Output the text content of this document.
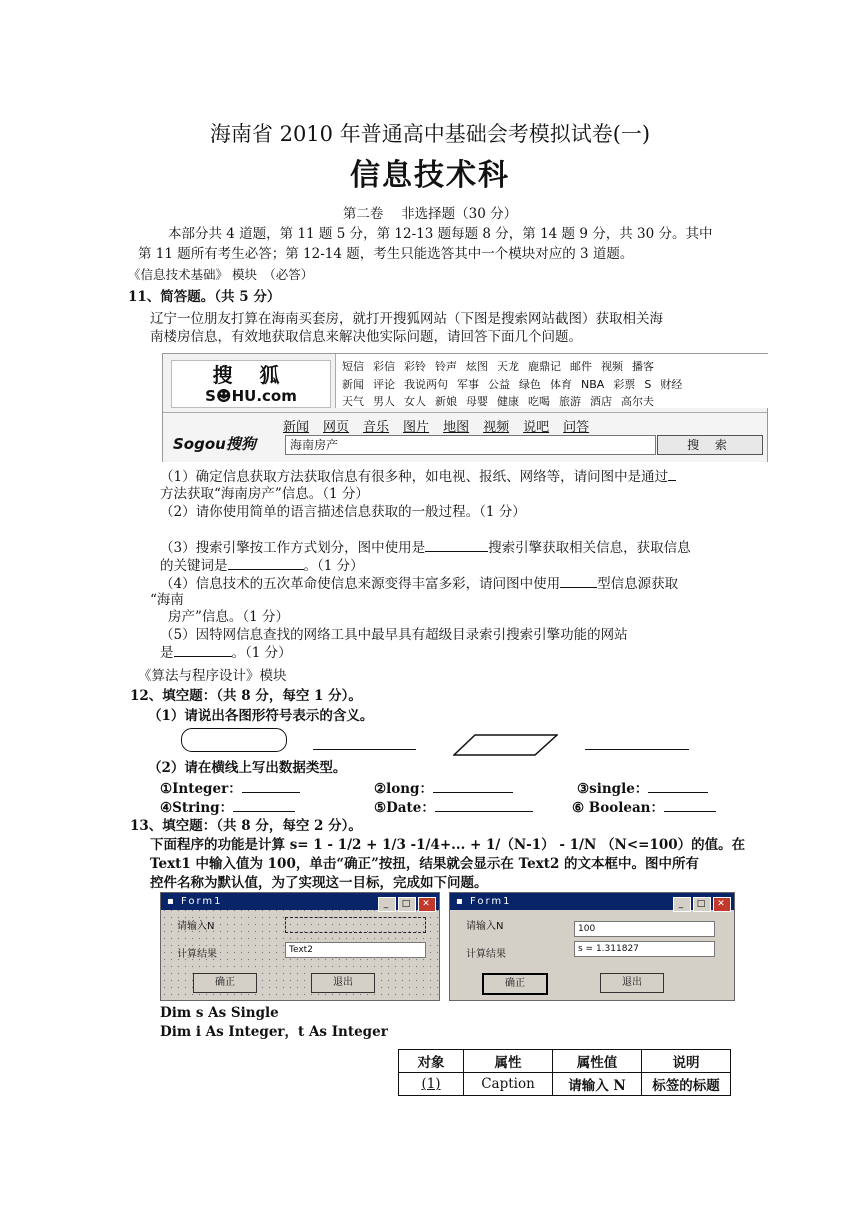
海南省 2010 年普通高中基础会考模拟试卷(一)
信息技术科
第二卷　 非选择题（30 分）
本部分共 4 道题，第 11 题 5 分，第 12-13 题每题 8 分，第 14 题 9 分，共 30 分。其中
第 11 题所有考生必答；第 12-14 题，考生只能选答其中一个模块对应的 3 道题。
《信息技术基础》 模块　（必答）
11、简答题。（共 5 分）
辽宁一位朋友打算在海南买套房，就打开搜狐网站（下图是搜索网站截图）获取相关海
南楼房信息，有效地获取信息来解决他实际问题，请回答下面几个问题。
搜 狐
S☻HU.com
短信 彩信 彩铃 铃声 炫图 天龙 鹿鼎记 邮件 视频 播客
新闻 评论 我说两句 军事 公益 绿色 体育 NBA 彩票 S 财经
天气 男人 女人 新娘 母婴 健康 吃喝 旅游 酒店 高尔夫
新闻 网页 音乐 图片 地图 视频 说吧 问答
Sogou搜狗	海南房产	搜 索
（1）确定信息获取方法获取信息有很多种，如电视、报纸、网络等，请问图中是通过
方法获取“海南房产”信息。（1 分）
（2）请你使用简单的语言描述信息获取的一般过程。（1 分）
（3）搜索引擎按工作方式划分，图中使用是	搜索引擎获取相关信息，获取信息
的关键词是	。（1 分）
（4）信息技术的五次革命使信息来源变得丰富多彩，请问图中使用	型信息源获取
“海南
房产”信息。（1 分）
（5）因特网信息查找的网络工具中最早具有超级目录索引搜索引擎功能的网站
是	。（1 分）
《算法与程序设计》模块
12、填空题：（共 8 分，每空 1 分）。
（1）请说出各图形符号表示的含义。
（2）请在横线上写出数据类型。
①Integer：	②long：	③single：
④String：	⑤Date：	⑥ Boolean：
13、填空题：（共 8 分，每空 2 分）。
下面程序的功能是计算 s= 1 - 1/2 + 1/3 -1/4+... + 1/（N-1） - 1/N （N<=100）的值。在
Text1 中输入值为 100，单击“确正”按扭，结果就会显示在 Text2 的文本框中。图中所有
控件名称为默认值，为了实现这一目标，完成如下问题。
▪ Form1	_ □ ✕
请输入N
计算结果	Text2
确正	退出
▪ Form1	_ □ ✕
请输入N	100
计算结果	s = 1.311827
确正	退出
Dim s As Single
Dim i As Integer，t As Integer
对象	属性	属性值	说明
(1)	Caption	请输入 N	标签的标题
